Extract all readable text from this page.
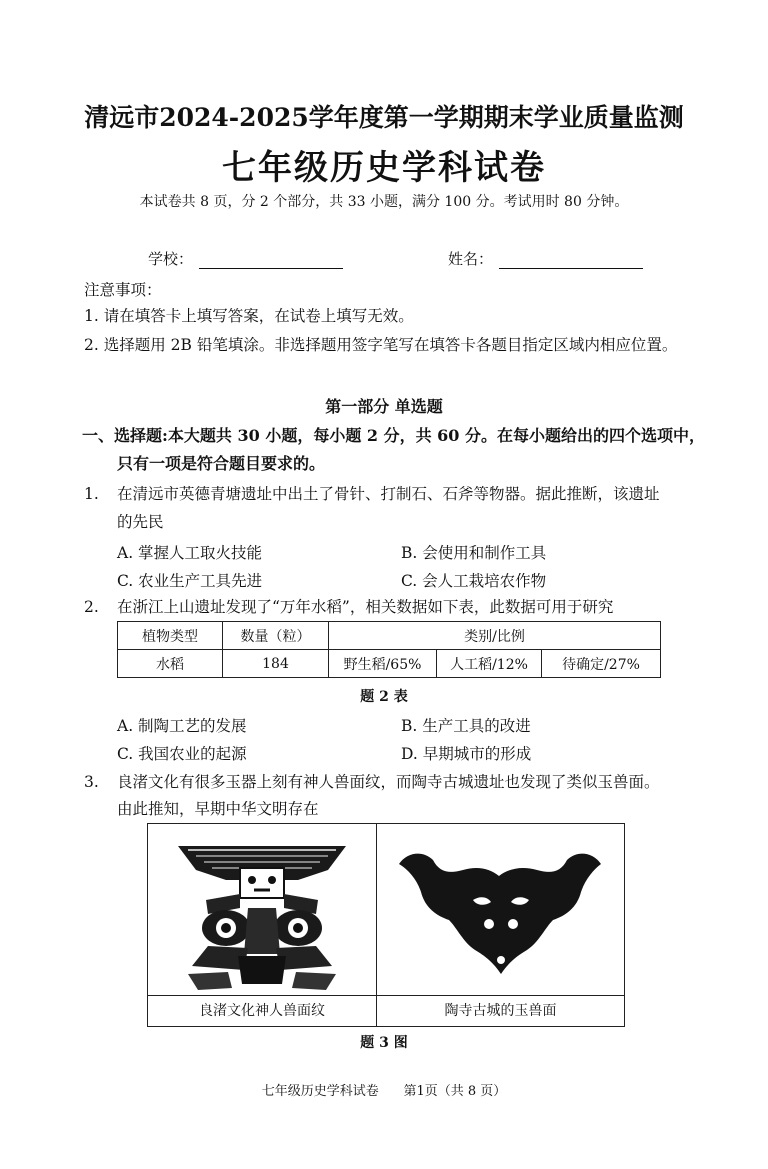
清远市2024-2025学年度第一学期期末学业质量监测
七年级历史学科试卷
本试卷共 8 页，分 2 个部分，共 33 小题，满分 100 分。考试用时 80 分钟。
学校：	姓名：
注意事项：
1. 请在填答卡上填写答案，在试卷上填写无效。
2. 选择题用 2B 铅笔填涂。非选择题用签字笔写在填答卡各题目指定区域内相应位置。
第一部分 单选题
一、选择题:本大题共 30 小题，每小题 2 分，共 60 分。在每小题给出的四个选项中，
只有一项是符合题目要求的。
1. 在清远市英德青塘遗址中出土了骨针、打制石、石斧等物器。据此推断，该遗址
的先民
A. 掌握人工取火技能	B. 会使用和制作工具
C. 农业生产工具先进	C. 会人工栽培农作物
2. 在浙江上山遗址发现了“万年水稻”，相关数据如下表，此数据可用于研究
植物类型	数量（粒）	类别/比例		
水稻	184	野生稻/65%	人工稻/12%	待确定/27%
题 2 表
A. 制陶工艺的发展	B. 生产工具的改进
C. 我国农业的起源	D. 早期城市的形成
3. 良渚文化有很多玉器上刻有神人兽面纹，而陶寺古城遗址也发现了类似玉兽面。
由此推知，早期中华文明存在
良渚文化神人兽面纹	陶寺古城的玉兽面
题 3 图
七年级历史学科试卷      第1页（共 8 页）
